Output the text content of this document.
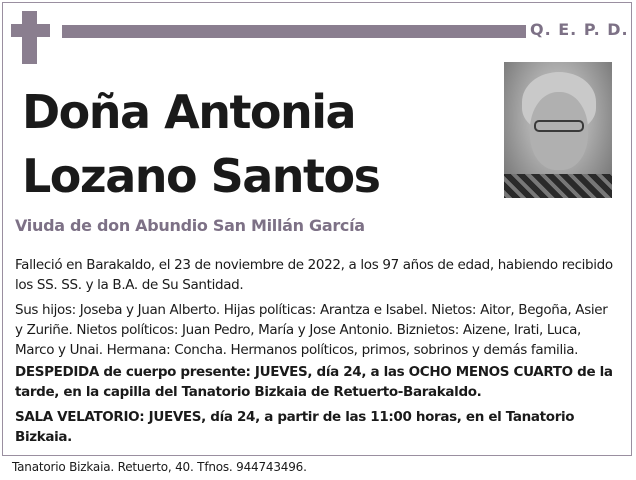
Q. E. P. D.
Doña Antonia
Lozano Santos
Viuda de don Abundio San Millán García
Falleció en Barakaldo, el 23 de noviembre de 2022, a los 97 años de edad, habiendo recibido los SS. SS. y la B.A. de Su Santidad.
Sus hijos: Joseba y Juan Alberto. Hijas políticas: Arantza e Isabel. Nietos: Aitor, Begoña, Asier y Zuriñe. Nietos políticos: Juan Pedro, María y Jose Antonio. Biznietos: Aizene, Irati, Luca, Marco y Unai. Hermana: Concha. Hermanos políticos, primos, sobrinos y demás familia.
DESPEDIDA de cuerpo presente: JUEVES, día 24, a las OCHO MENOS CUARTO de la tarde, en la capilla del Tanatorio Bizkaia de Retuerto-Barakaldo.
SALA VELATORIO: JUEVES, día 24, a partir de las 11:00 horas, en el Tanatorio Bizkaia.
Tanatorio Bizkaia. Retuerto, 40. Tfnos. 944743496.
